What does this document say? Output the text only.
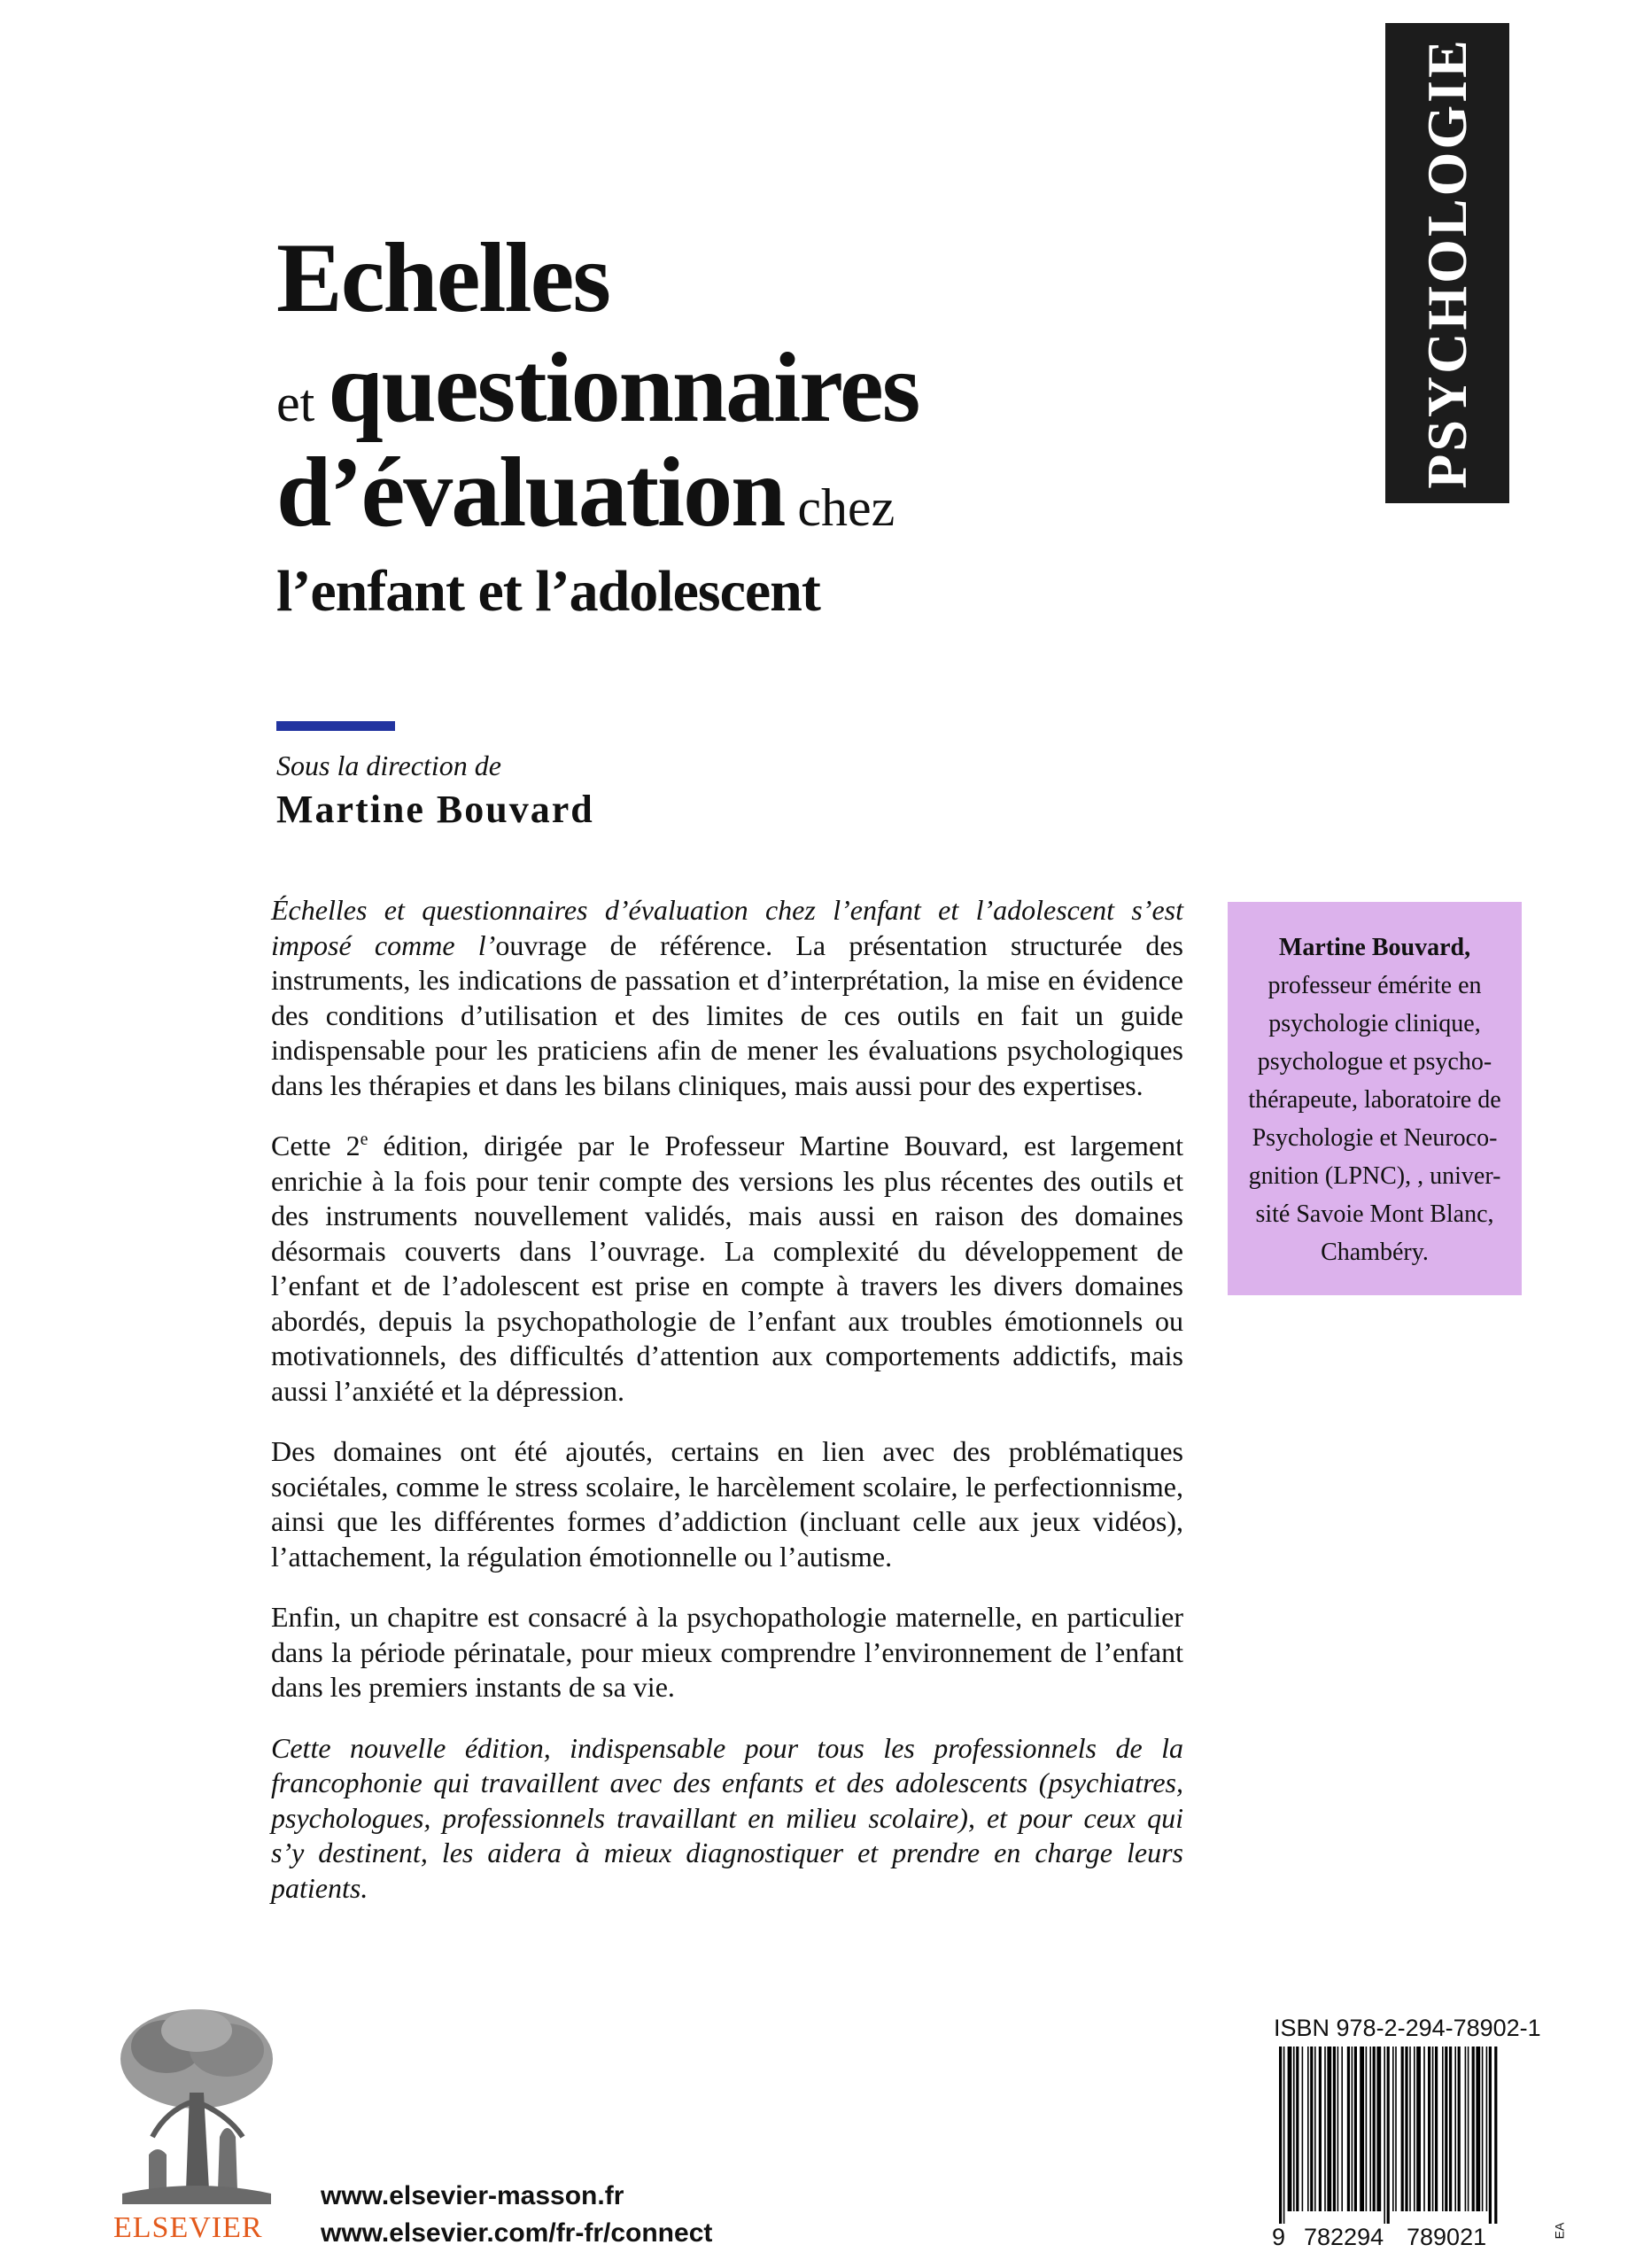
PSYCHOLOGIE
Echelles
et questionnaires
d’évaluation chez
l’enfant et l’adolescent
Sous la direction de
Martine Bouvard

Échelles et questionnaires d’évaluation chez l’enfant et l’adolescent s’est imposé comme l’ouvrage de référence. La présentation structurée des instruments, les indications de passation et d’interprétation, la mise en évidence des conditions d’utilisation et des limites de ces outils en fait un guide indispensable pour les praticiens afin de mener les évaluations psychologiques dans les thérapies et dans les bilans cliniques, mais aussi pour des expertises.

Cette 2e édition, dirigée par le Professeur Martine Bouvard, est largement enrichie à la fois pour tenir compte des versions les plus récentes des outils et des instruments nouvellement validés, mais aussi en raison des domaines désormais couverts dans l’ouvrage. La complexité du développement de l’enfant et de l’adolescent est prise en compte à travers les divers domaines abordés, depuis la psychopathologie de l’enfant aux troubles émotionnels ou motivationnels, des difficultés d’attention aux comportements addictifs, mais aussi l’anxiété et la dépression.

Des domaines ont été ajoutés, certains en lien avec des problématiques sociétales, comme le stress scolaire, le harcèlement scolaire, le perfectionnisme, ainsi que les différentes formes d’addiction (incluant celle aux jeux vidéos), l’attachement, la régulation émotionnelle ou l’autisme.

Enfin, un chapitre est consacré à la psychopathologie maternelle, en particulier dans la période périnatale, pour mieux comprendre l’environnement de l’enfant dans les premiers instants de sa vie.

Cette nouvelle édition, indispensable pour tous les professionnels de la francophonie qui travaillent avec des enfants et des adolescents (psychiatres, psychologues, professionnels travaillant en milieu scolaire), et pour ceux qui s’y destinent, les aidera à mieux diagnostiquer et prendre en charge leurs patients.

Martine Bouvard,
professeur émérite en
psychologie clinique,
psychologue et psycho-
thérapeute, laboratoire de
Psychologie et Neuroco-
gnition (LPNC), , univer-
sité Savoie Mont Blanc,
Chambéry.
ELSEVIER
www.elsevier-masson.fr
www.elsevier.com/fr-fr/connect
ISBN 978-2-294-78902-1
9 782294 789021	EA
